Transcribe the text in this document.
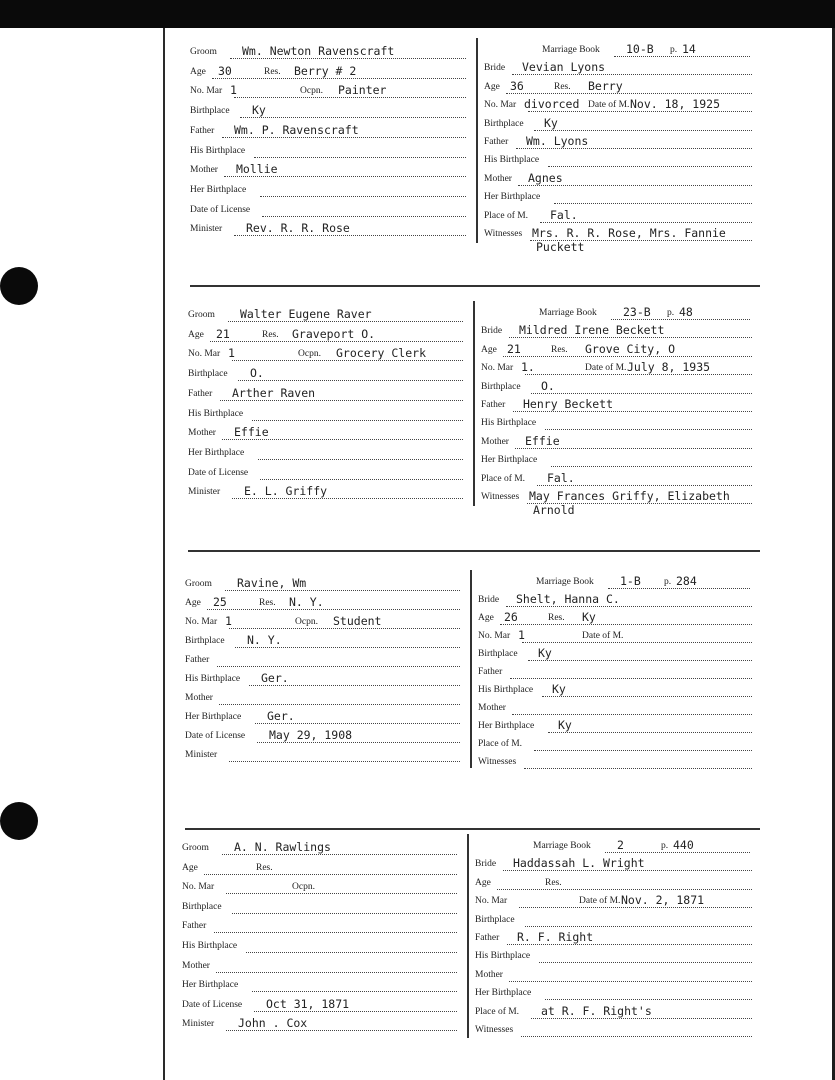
Groom Wm. Newton Ravenscraft
Age 30	Res. Berry # 2
No. Mar 1	Ocpn. Painter
Birthplace Ky
Father Wm. P. Ravenscraft
His Birthplace
Mother Mollie
Her Birthplace
Date of License
Minister Rev. R. R. Rose
Marriage Book 10-B p. 14
Bride Vevian Lyons
Age 36	Res. Berry
No. Mar divorced Date of M. Nov. 18, 1925
Birthplace Ky
Father Wm. Lyons
His Birthplace
Mother Agnes
Her Birthplace
Place of M. Fal.
Witnesses Mrs. R. R. Rose, Mrs. Fannie
Puckett
Groom Walter Eugene Raver
Age 21	Res. Graveport O.
No. Mar 1	Ocpn. Grocery Clerk
Birthplace O.
Father Arther Raven
His Birthplace
Mother Effie
Her Birthplace
Date of License
Minister E. L. Griffy
Marriage Book 23-B p. 48
Bride Mildred Irene Beckett
Age 21	Res. Grove City, O
No. Mar 1.	Date of M. July 8, 1935
Birthplace O.
Father Henry Beckett
His Birthplace
Mother Effie
Her Birthplace
Place of M. Fal.
Witnesses May Frances Griffy, Elizabeth
Arnold
Groom Ravine, Wm
Age 25	Res. N. Y.
No. Mar 1	Ocpn. Student
Birthplace N. Y.
Father
His Birthplace Ger.
Mother
Her Birthplace Ger.
Date of License May 29, 1908
Minister
Marriage Book 1-B p. 284
Bride Shelt, Hanna C.
Age 26	Res. Ky
No. Mar 1	Date of M.
Birthplace Ky
Father
His Birthplace Ky
Mother
Her Birthplace Ky
Place of M.
Witnesses
Groom A. N. Rawlings
Age	Res.
No. Mar	Ocpn.
Birthplace
Father
His Birthplace
Mother
Her Birthplace
Date of License Oct 31, 1871
Minister John . Cox
Marriage Book 2	p. 440
Bride Haddassah L. Wright
Age	Res.
No. Mar	Date of M. Nov. 2, 1871
Birthplace
Father R. F. Right
His Birthplace
Mother
Her Birthplace
Place of M. at R. F. Right's
Witnesses
